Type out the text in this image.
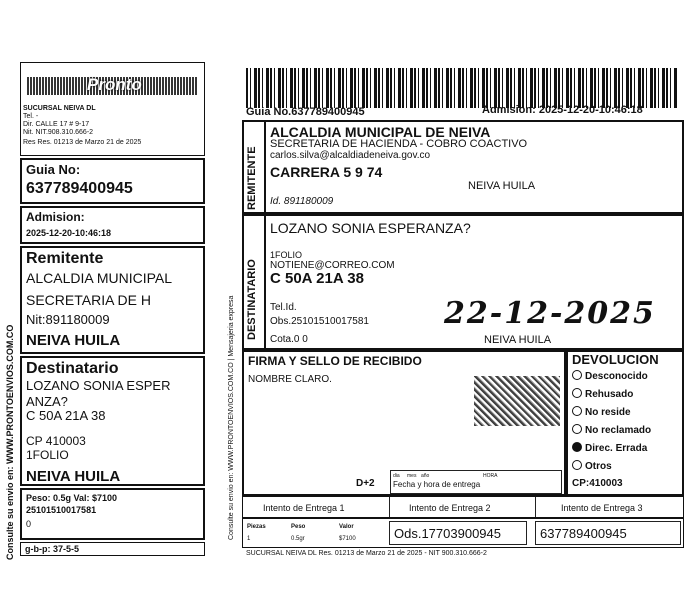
Consulte su envio en: WWW.PRONTOENVIOS.COM.CO
Pronto
SUCURSAL NEIVA DL
Tel. -
Dir. CALLE 17 # 9-17
Nit. NIT.908.310.666-2
Res Res. 01213 de Marzo 21 de 2025
Guia No:
637789400945
Admision:
2025-12-20-10:46:18
Remitente
ALCALDIA MUNICIPAL
SECRETARIA DE H
Nit:891180009
NEIVA HUILA
Destinatario
LOZANO SONIA ESPER
ANZA?
C 50A 21A 38
CP 410003
1FOLIO
NEIVA HUILA
Peso: 0.5g Val: $7100
25101510017581
0
g-b-p: 37-5-5
Guia No.637789400945	Admision: 2025-12-20-10:46:18
Consulte su envio en: WWW.PRONTOENVIOS.COM.CO | Mensajeria expresa
REMITENTE
ALCALDIA MUNICIPAL DE NEIVA
SECRETARIA DE HACIENDA - COBRO COACTIVO
carlos.silva@alcaldiadeneiva.gov.co
CARRERA 5 9 74
NEIVA HUILA
Id. 891180009
DESTINATARIO
LOZANO SONIA ESPERANZA?
1FOLIO
NOTIENE@CORREO.COM
C 50A 21A 38
Tel.Id.
Obs.25101510017581
Cota.0 0	NEIVA HUILA
22-12-2025
FIRMA Y SELLO DE RECIBIDO
NOMBRE CLARO.
D+2
dia mes año	HORA
Fecha y hora de entrega
DEVOLUCION
Desconocido
Rehusado
No reside
No reclamado
Direc. Errada
Otros
CP:410003
Intento de Entrega 1	Intento de Entrega 2	Intento de Entrega 3
Piezas	Peso	Valor
1	0.5gr	$7100	Ods.17703900945	637789400945
SUCURSAL NEIVA DL Res. 01213 de Marzo 21 de 2025 - NIT 900.310.666-2
